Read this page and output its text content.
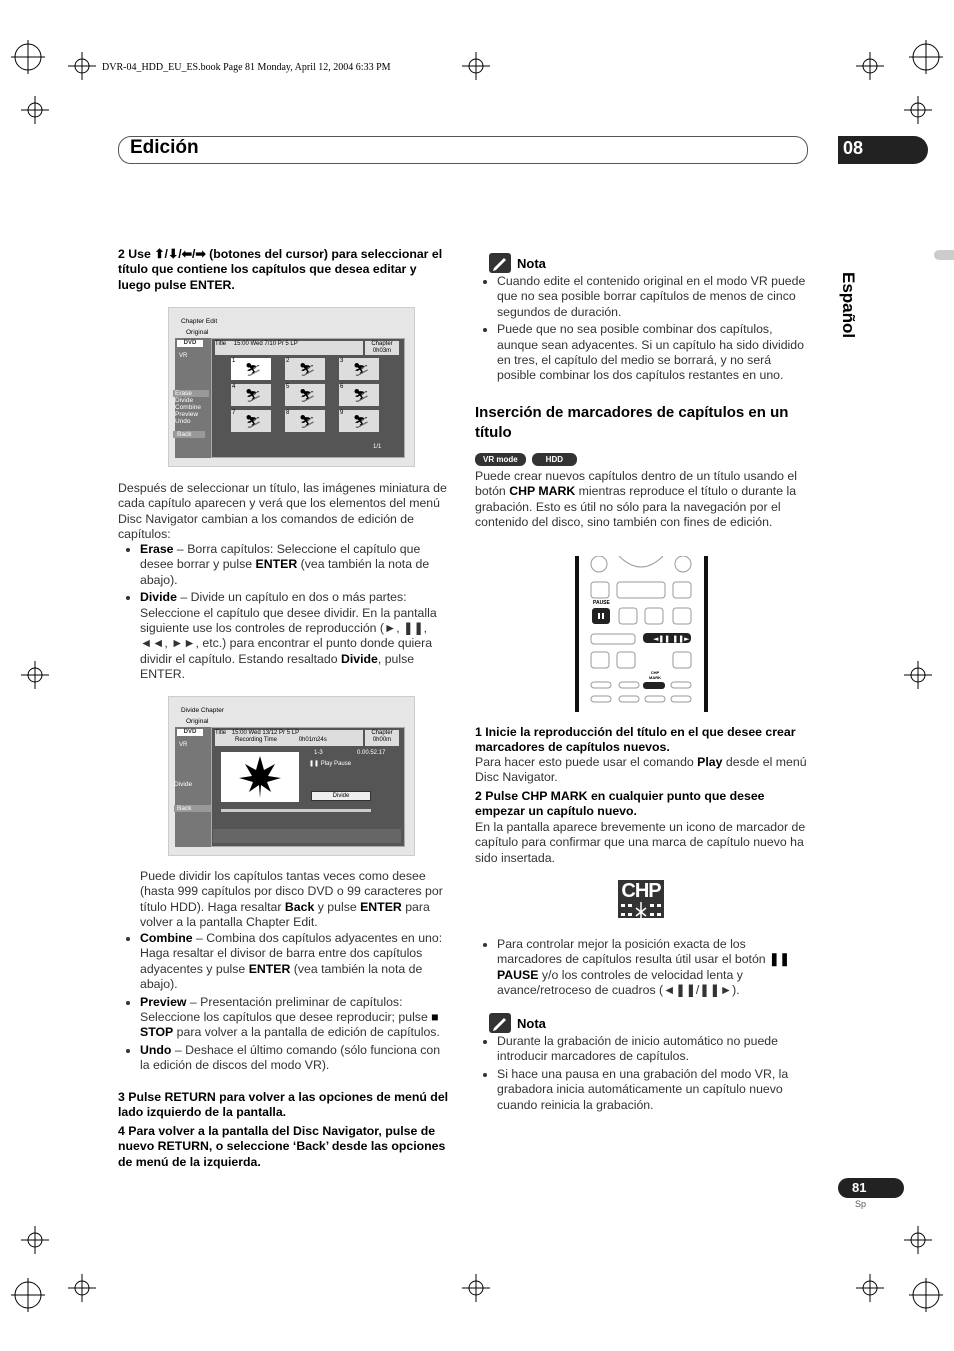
DVR-04_HDD_EU_ES.book Page 81 Monday, April 12, 2004 6:33 PM
Edición	08
Español
2 Use ⬆/⬇/⬅/➡ (botones del cursor) para seleccionar el título que contiene los capítulos que desea editar y luego pulse ENTER.
Chapter Edit
Original
DVD
VR
Erase
Divide
Combine
Preview
Undo
Back
Title 15:00 Wed 7/10 Pr 5 LP	Chapter
0h03m
1
⛷
2
⛷
3
⛷
4
⛷
5
⛷
6
⛷
7
⛷
8
⛷
9
⛷
1/1
Después de seleccionar un título, las imágenes miniatura de cada capítulo aparecen y verá que los elementos del menú Disc Navigator cambian a los comandos de edición de capítulos:
• Erase – Borra capítulos: Seleccione el capítulo que desee borrar y pulse ENTER (vea también la nota de abajo).
• Divide – Divide un capítulo en dos o más partes: Seleccione el capítulo que desee dividir. En la pantalla siguiente use los controles de reproducción (►, ❚❚, ◄◄, ►►, etc.) para encontrar el punto donde quiera dividir el capítulo. Estando resaltado Divide, pulse ENTER.
Divide Chapter
Original
DVD
VR
Divide
Back
Title 15:00 Wed 13/12 Pr 5 LP
Recording Time	0h01m24s
Chapter
0h00m
1-3	0.00.52.17
❚❚ Play Pause
Divide
Puede dividir los capítulos tantas veces como desee (hasta 999 capítulos por disco DVD o 99 caracteres por título HDD). Haga resaltar Back y pulse ENTER para volver a la pantalla Chapter Edit.
• Combine – Combina dos capítulos adyacentes en uno: Haga resaltar el divisor de barra entre dos capítulos adyacentes y pulse ENTER (vea también la nota de abajo).
• Preview – Presentación preliminar de capítulos: Seleccione los capítulos que desee reproducir; pulse ■ STOP para volver a la pantalla de edición de capítulos.
• Undo – Deshace el último comando (sólo funciona con la edición de discos del modo VR).
3 Pulse RETURN para volver a las opciones de menú del lado izquierdo de la pantalla.
4 Para volver a la pantalla del Disc Navigator, pulse de nuevo RETURN, o seleccione ‘Back’ desde las opciones de menú de la izquierda.
Nota
• Cuando edite el contenido original en el modo VR puede que no sea posible borrar capítulos de menos de cinco segundos de duración.
• Puede que no sea posible combinar dos capítulos, aunque sean adyacentes. Si un capítulo ha sido dividido en tres, el capítulo del medio se borrará, y no será posible combinar los dos capítulos restantes en uno.
Inserción de marcadores de capítulos en un título
VR mode	HDD
Puede crear nuevos capítulos dentro de un título usando el botón CHP MARK mientras reproduce el título o durante la grabación. Esto es útil no sólo para la navegación por el contenido del disco, sino también con fines de edición.
◄❚❚ ❚❚►
PAUSE
CHP
MARK
1 Inicie la reproducción del título en el que desee crear marcadores de capítulos nuevos.
Para hacer esto puede usar el comando Play desde el menú Disc Navigator.
2 Pulse CHP MARK en cualquier punto que desee empezar un capítulo nuevo.
En la pantalla aparece brevemente un icono de marcador de capítulo para confirmar que una marca de capítulo nuevo ha sido insertada.
CHP
• Para controlar mejor la posición exacta de los marcadores de capítulos resulta útil usar el botón ❚❚ PAUSE y/o los controles de velocidad lenta y avance/retroceso de cuadros (◄❚❚/❚❚►).
Nota
• Durante la grabación de inicio automático no puede introducir marcadores de capítulos.
• Si hace una pausa en una grabación del modo VR, la grabadora inicia automáticamente un capítulo nuevo cuando reinicia la grabación.
81
Sp
